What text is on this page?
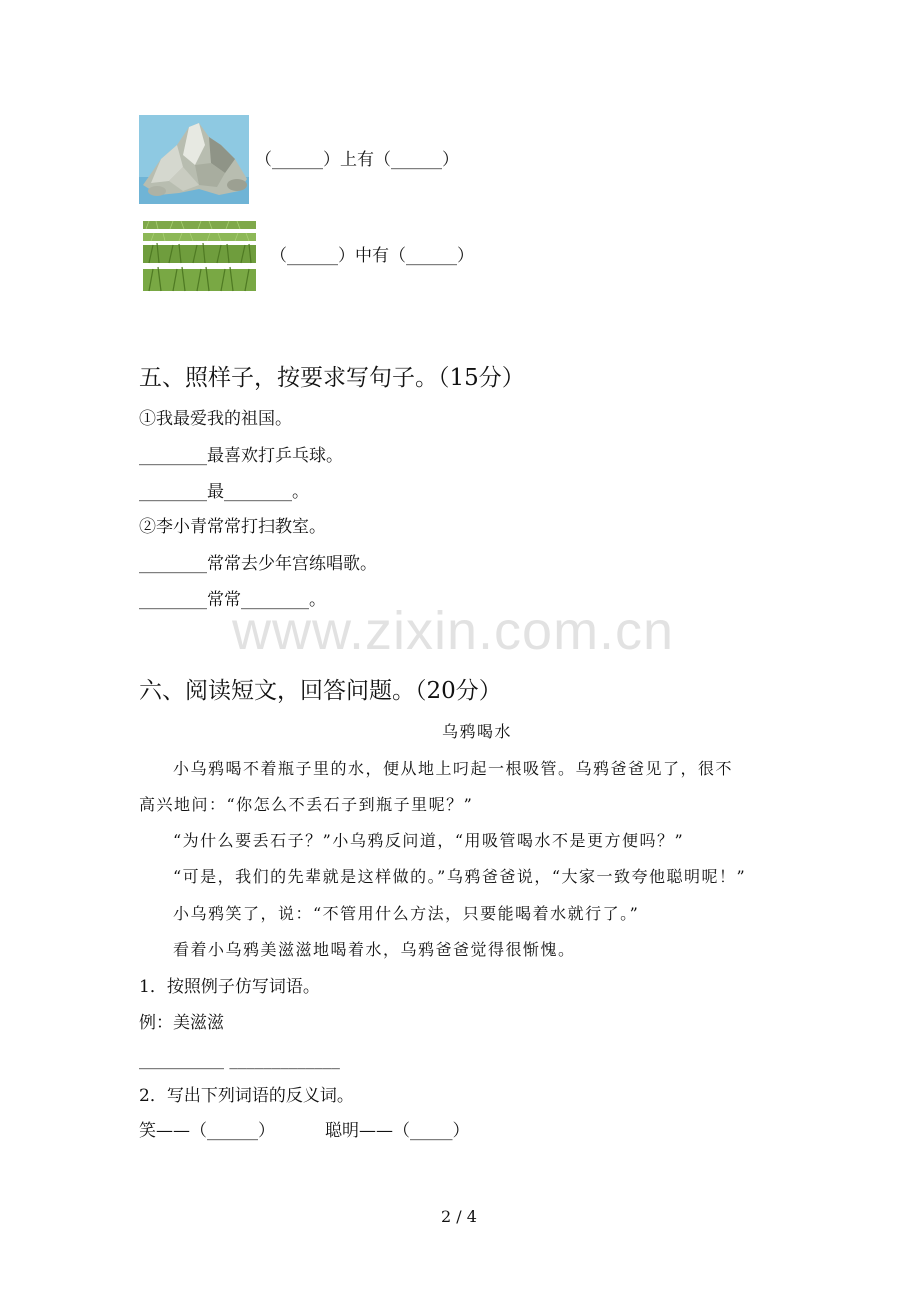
（______）上有（______）
（______）中有（______）
五、照样子，按要求写句子。（15分）
①我最爱我的祖国。
________最喜欢打乒乓球。
________最________。
②李小青常常打扫教室。
________常常去少年宫练唱歌。
________常常________。
www.zixin.com.cn
六、阅读短文，回答问题。（20分）
乌鸦喝水
小乌鸦喝不着瓶子里的水，便从地上叼起一根吸管。乌鸦爸爸见了，很不
高兴地问：“你怎么不丢石子到瓶子里呢？”
“为什么要丢石子？”小乌鸦反问道，“用吸管喝水不是更方便吗？”
“可是，我们的先辈就是这样做的。”乌鸦爸爸说，“大家一致夸他聪明呢！”
小乌鸦笑了，说：“不管用什么方法，只要能喝着水就行了。”
看着小乌鸦美滋滋地喝着水，乌鸦爸爸觉得很惭愧。
1．按照例子仿写词语。
例：美滋滋
__________ _____________
2．写出下列词语的反义词。
笑——（______）	聪明——（_____）
2 / 4
